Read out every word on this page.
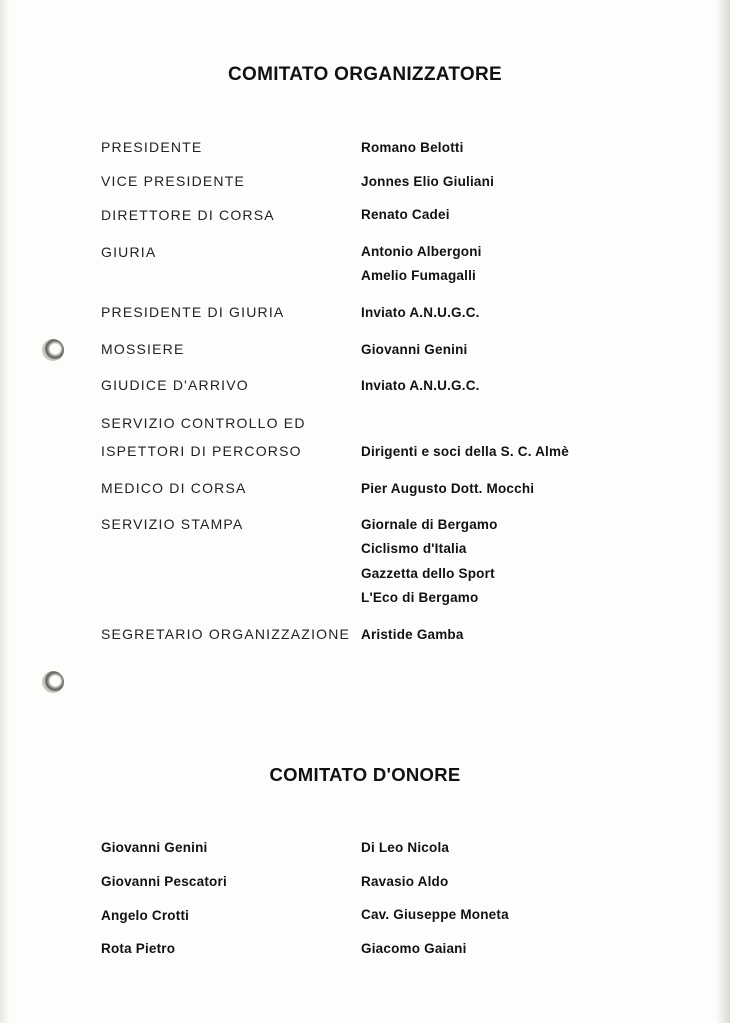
COMITATO ORGANIZZATORE
PRESIDENTE
VICE PRESIDENTE
DIRETTORE DI CORSA
GIURIA
PRESIDENTE DI GIURIA
MOSSIERE
GIUDICE D'ARRIVO
SERVIZIO CONTROLLO ED
ISPETTORI DI PERCORSO
MEDICO DI CORSA
SERVIZIO STAMPA
SEGRETARIO ORGANIZZAZIONE
Romano Belotti
Jonnes Elio Giuliani
Renato Cadei
Antonio Albergoni
Amelio Fumagalli
Inviato A.N.U.G.C.
Giovanni Genini
Inviato A.N.U.G.C.
Dirigenti e soci della S. C. Almè
Pier Augusto Dott. Mocchi
Giornale di Bergamo
Ciclismo d'Italia
Gazzetta dello Sport
L'Eco di Bergamo
Aristide Gamba
COMITATO D'ONORE
Giovanni Genini
Giovanni Pescatori
Angelo Crotti
Rota Pietro
Di Leo Nicola
Ravasio Aldo
Cav. Giuseppe Moneta
Giacomo Gaiani
